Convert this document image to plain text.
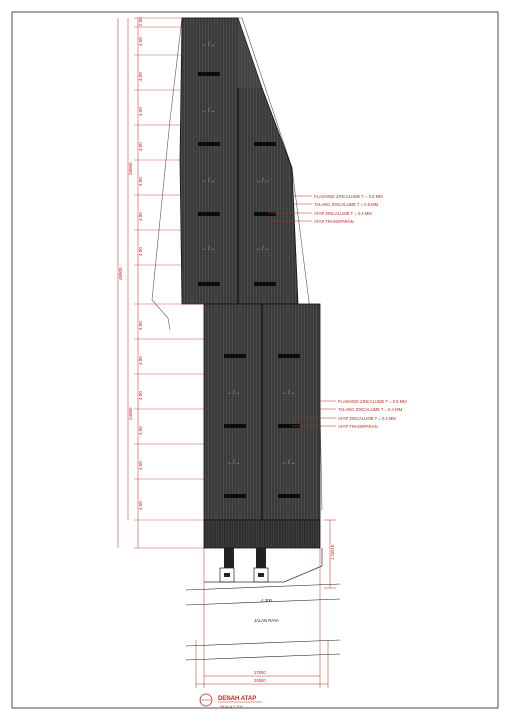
←/→
←/→
←/→	←/→
←/→	←/→
←/→	←/→
←/→	←/→
2.00
4.00
4.00
4.00
4.00
4.00
4.00
4.00
4.00
4.00
4.00
4.00
4.00
4.00
28000
24000
48000
FLASHING ZINCALUME T = 0.5 MM
TALANG ZINCALUME T = 0.5 MM
ATAP ZINCALUME T = 0.4 MM
ATAP TRANSPARAN
FLASHING ZINCALUME T = 0.5 MM
TALANG ZINCALUME T = 0.4 MM
ATAP ZINCALUME T = 0.4 MM
ATAP TRANSPARAN
1.26515
-1.300
JALAN RAYA
17500
20500
DENAH ATAP
SKALA 1:100
